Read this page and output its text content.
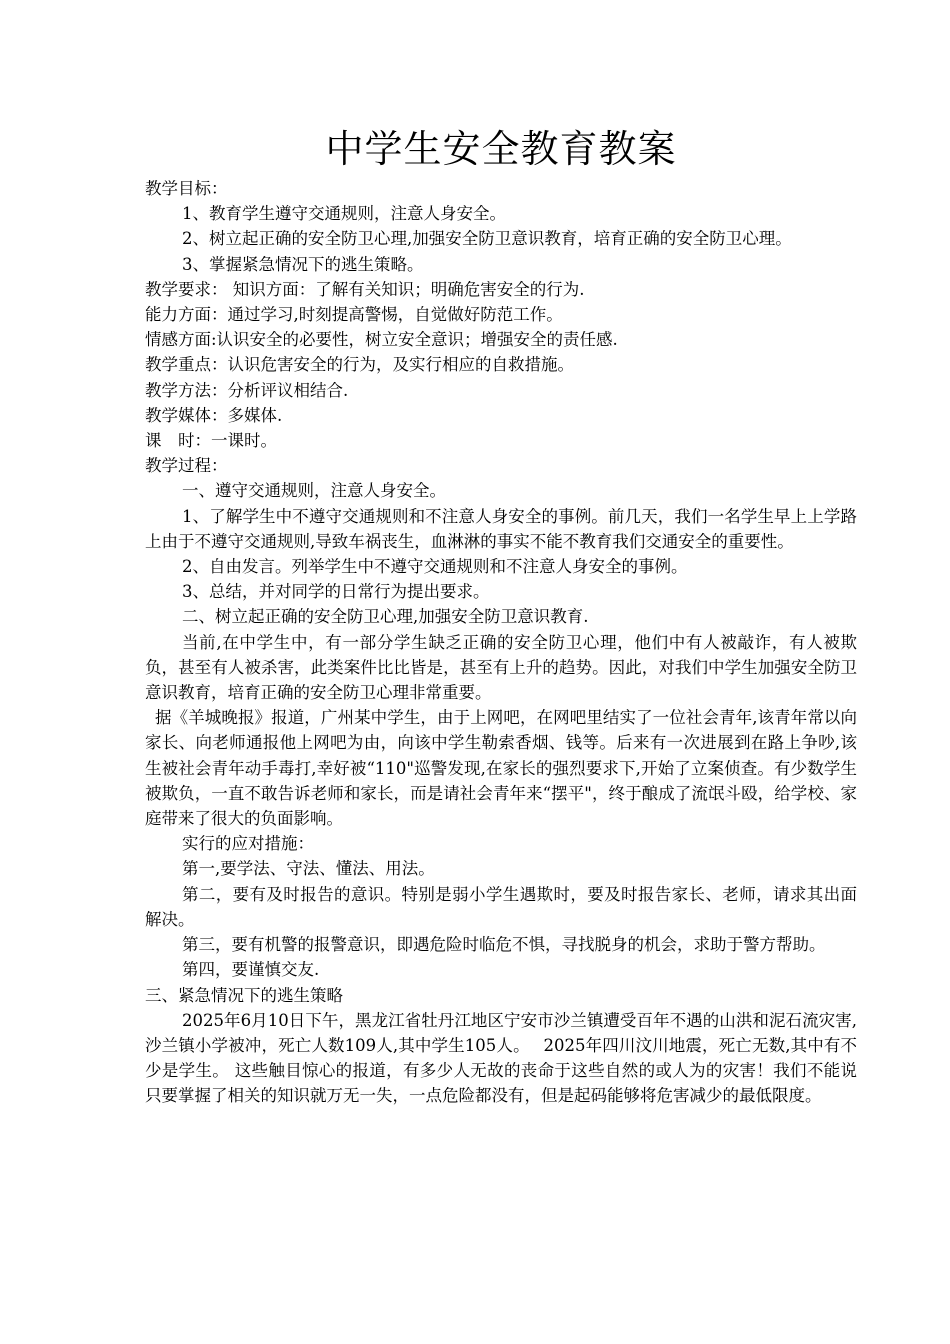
中学生安全教育教案

教学目标：

1、教育学生遵守交通规则，注意人身安全。

2、树立起正确的安全防卫心理,加强安全防卫意识教育，培育正确的安全防卫心理。

3、掌握紧急情况下的逃生策略。

教学要求： 知识方面：了解有关知识；明确危害安全的行为.

能力方面：通过学习,时刻提高警惕，自觉做好防范工作。

情感方面:认识安全的必要性，树立安全意识；增强安全的责任感.

教学重点：认识危害安全的行为，及实行相应的自救措施。

教学方法：分析评议相结合.

教学媒体：多媒体.

课　时：一课时。

教学过程：

一、遵守交通规则，注意人身安全。

1、了解学生中不遵守交通规则和不注意人身安全的事例。前几天，我们一名学生早上上学路上由于不遵守交通规则,导致车祸丧生，血淋淋的事实不能不教育我们交通安全的重要性。

2、自由发言。列举学生中不遵守交通规则和不注意人身安全的事例。

3、总结，并对同学的日常行为提出要求。

二、树立起正确的安全防卫心理,加强安全防卫意识教育.

当前,在中学生中，有一部分学生缺乏正确的安全防卫心理，他们中有人被敲诈，有人被欺负，甚至有人被杀害，此类案件比比皆是，甚至有上升的趋势。因此，对我们中学生加强安全防卫意识教育，培育正确的安全防卫心理非常重要。

据《羊城晚报》报道，广州某中学生，由于上网吧，在网吧里结实了一位社会青年,该青年常以向家长、向老师通报他上网吧为由，向该中学生勒索香烟、钱等。后来有一次进展到在路上争吵,该生被社会青年动手毒打,幸好被“110"巡警发现,在家长的强烈要求下,开始了立案侦查。有少数学生被欺负，一直不敢告诉老师和家长，而是请社会青年来“摆平"，终于酿成了流氓斗殴，给学校、家庭带来了很大的负面影响。

实行的应对措施：

第一,要学法、守法、懂法、用法。

第二，要有及时报告的意识。特别是弱小学生遇欺时，要及时报告家长、老师，请求其出面解决。

第三，要有机警的报警意识，即遇危险时临危不惧，寻找脱身的机会，求助于警方帮助。

第四，要谨慎交友.

三、紧急情况下的逃生策略

2025年6月10日下午，黑龙江省牡丹江地区宁安市沙兰镇遭受百年不遇的山洪和泥石流灾害,沙兰镇小学被冲，死亡人数109人,其中学生105人。　 2025年四川汶川地震，死亡无数,其中有不少是学生。 这些触目惊心的报道，有多少人无故的丧命于这些自然的或人为的灾害！我们不能说只要掌握了相关的知识就万无一失，一点危险都没有，但是起码能够将危害减少的最低限度。
